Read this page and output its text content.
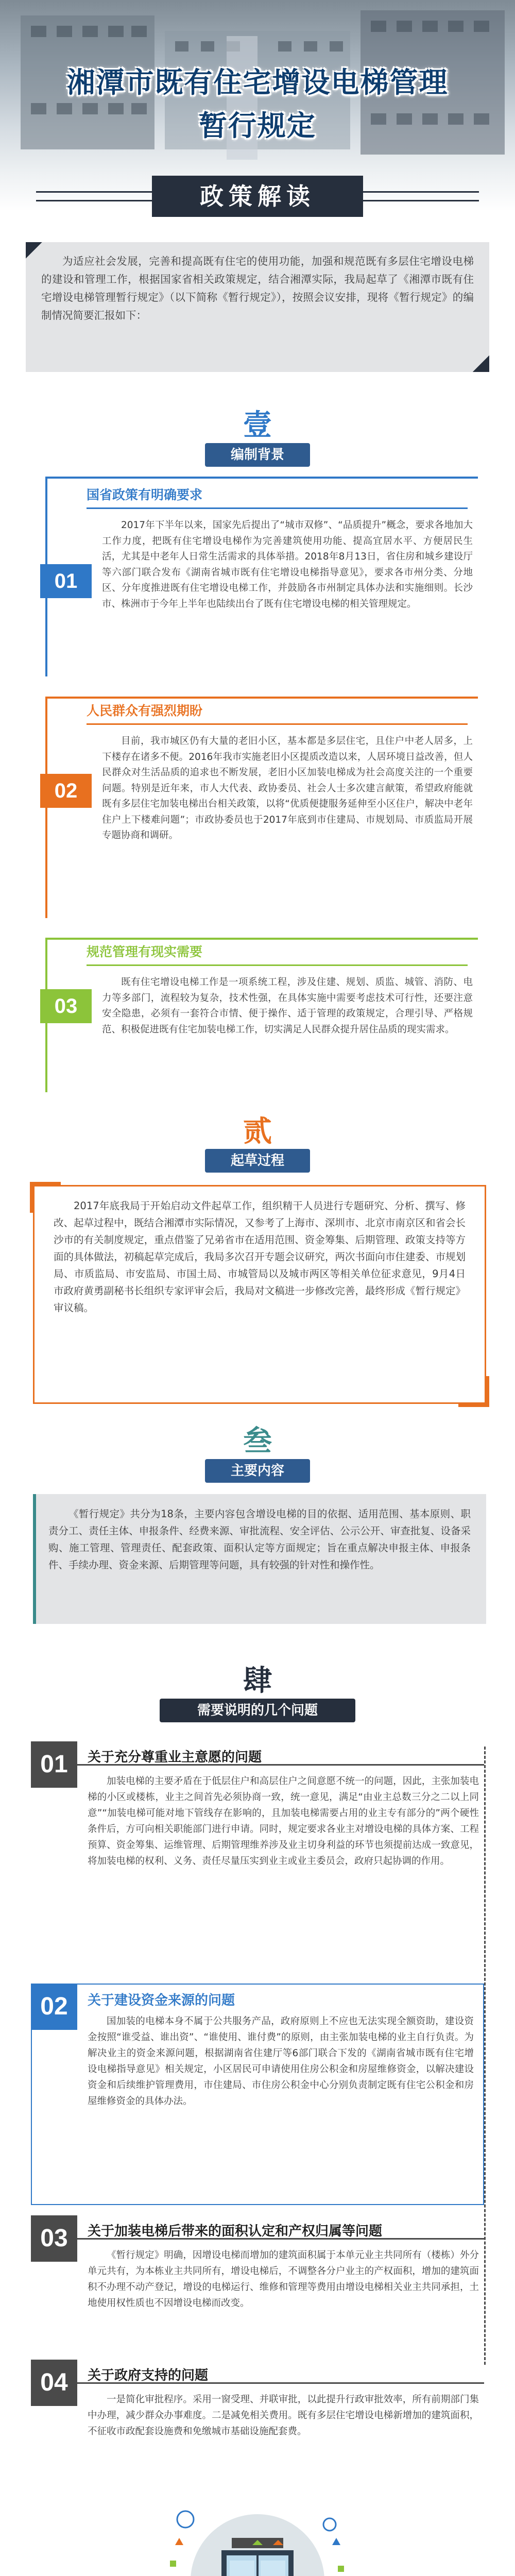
湘潭市既有住宅增设电梯管理
暂行规定
政策解读

为适应社会发展，完善和提高既有住宅的使用功能，加强和规范既有多层住宅增设电梯的建设和管理工作，根据国家省相关政策规定，结合湘潭实际，我局起草了《湘潭市既有住宅增设电梯管理暂行规定》（以下简称《暂行规定》），按照会议安排，现将《暂行规定》的编制情况简要汇报如下：

壹
编制背景
国省政策有明确要求
01

2017年下半年以来，国家先后提出了“城市双修”、“品质提升”概念，要求各地加大工作力度，把既有住宅增设电梯作为完善建筑使用功能、提高宜居水平、方便居民生活，尤其是中老年人日常生活需求的具体举措。2018年8月13日，省住房和城乡建设厅等六部门联合发布《湖南省城市既有住宅增设电梯指导意见》，要求各市州分类、分地区、分年度推进既有住宅增设电梯工作，并鼓励各市州制定具体办法和实施细则。长沙市、株洲市于今年上半年也陆续出台了既有住宅增设电梯的相关管理规定。

人民群众有强烈期盼
02

目前，我市城区仍有大量的老旧小区，基本都是多层住宅，且住户中老人居多，上下楼存在诸多不便。2016年我市实施老旧小区提质改造以来，人居环境日益改善，但人民群众对生活品质的追求也不断发展，老旧小区加装电梯成为社会高度关注的一个重要问题。特别是近年来，市人大代表、政协委员、社会人士多次建言献策，希望政府能就既有多层住宅加装电梯出台相关政策，以将“优质便捷服务延伸至小区住户，解决中老年住户上下楼难问题”；市政协委员也于2017年底到市住建局、市规划局、市质监局开展专题协商和调研。

规范管理有现实需要
03

既有住宅增设电梯工作是一项系统工程，涉及住建、规划、质监、城管、消防、电力等多部门，流程较为复杂，技术性强，在具体实施中需要考虑技术可行性，还要注意安全隐患，必须有一套符合市情、便于操作、适于管理的政策规定，合理引导、严格规范、积极促进既有住宅加装电梯工作，切实满足人民群众提升居住品质的现实需求。

贰
起草过程

2017年底我局于开始启动文件起草工作，组织精干人员进行专题研究、分析、撰写、修改、起草过程中，既结合湘潭市实际情况，又参考了上海市、深圳市、北京市南京区和省会长沙市的有关制度规定，重点借鉴了兄弟省市在适用范围、资金筹集、后期管理、政策支持等方面的具体做法，初稿起草完成后，我局多次召开专题会议研究，两次书面向市住建委、市规划局、市质监局、市安监局、市国土局、市城管局以及城市两区等相关单位征求意见，9月4日市政府黄勇副秘书长组织专家评审会后，我局对文稿进一步修改完善，最终形成《暂行规定》审议稿。

叁
主要内容

《暂行规定》共分为18条，主要内容包含增设电梯的目的依据、适用范围、基本原则、职责分工、责任主体、申报条件、经费来源、审批流程、安全评估、公示公开、审查批复、设备采购、施工管理、管理责任、配套政策、面积认定等方面规定；旨在重点解决申报主体、申报条件、手续办理、资金来源、后期管理等问题，具有较强的针对性和操作性。

肆
需要说明的几个问题
01	关于充分尊重业主意愿的问题

加装电梯的主要矛盾在于低层住户和高层住户之间意愿不统一的问题，因此，主张加装电梯的小区或楼栋，业主之间首先必须协商一致，统一意见，满足“由业主总数三分之二以上同意”“加装电梯可能对地下管线存在影响的，且加装电梯需要占用的业主专有部分的”两个硬性条件后，方可向相关职能部门进行申请。同时，规定要求各业主对增设电梯的具体方案、工程预算、资金筹集、运维管理、后期管理维养涉及业主切身利益的环节也须提前达成一致意见，将加装电梯的权利、义务、责任尽量压实到业主或业主委员会，政府只起协调的作用。

02	关于建设资金来源的问题

国加装的电梯本身不属于公共服务产品，政府原则上不应也无法实现全额资助，建设资金按照“谁受益、谁出资”、“谁使用、谁付费”的原则，由主张加装电梯的业主自行负责。为解决业主的资金来源问题，根据湖南省住建厅等6部门联合下发的《湖南省城市既有住宅增设电梯指导意见》相关规定，小区居民可申请使用住房公积金和房屋维修资金，以解决建设资金和后续维护管理费用，市住建局、市住房公积金中心分别负责制定既有住宅公积金和房屋维修资金的具体办法。

03	关于加装电梯后带来的面积认定和产权归属等问题

《暂行规定》明确，因增设电梯而增加的建筑面积属于本单元业主共同所有（楼栋）外分单元共有，为本栋业主共同所有，增设电梯后，不调整各分户业主的产权面积，增加的建筑面积不办理不动产登记，增设的电梯运行、维修和管理等费用由增设电梯相关业主共同承担，土地使用权性质也不因增设电梯而改变。

04	关于政府支持的问题

一是简化审批程序。采用一窗受理、并联审批，以此提升行政审批效率，所有前期部门集中办理，减少群众办事难度。二是减免相关费用。既有多层住宅增设电梯新增加的建筑面积，不征收市政配套设施费和免缴城市基础设施配套费。
